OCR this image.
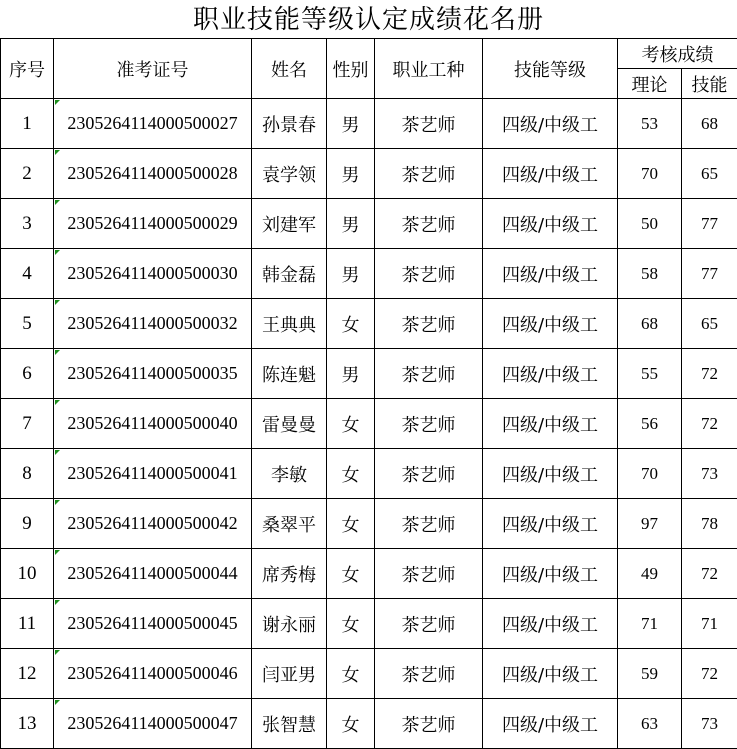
职业技能等级认定成绩花名册
序号	准考证号	姓名	性别	职业工种	技能等级	考核成绩	
						理论	技能
1	2305264114000500027	孙景春	男	茶艺师	四级/中级工	53	68
2	2305264114000500028	袁学领	男	茶艺师	四级/中级工	70	65
3	2305264114000500029	刘建军	男	茶艺师	四级/中级工	50	77
4	2305264114000500030	韩金磊	男	茶艺师	四级/中级工	58	77
5	2305264114000500032	王典典	女	茶艺师	四级/中级工	68	65
6	2305264114000500035	陈连魁	男	茶艺师	四级/中级工	55	72
7	2305264114000500040	雷曼曼	女	茶艺师	四级/中级工	56	72
8	2305264114000500041	李敏	女	茶艺师	四级/中级工	70	73
9	2305264114000500042	桑翠平	女	茶艺师	四级/中级工	97	78
10	2305264114000500044	席秀梅	女	茶艺师	四级/中级工	49	72
11	2305264114000500045	谢永丽	女	茶艺师	四级/中级工	71	71
12	2305264114000500046	闫亚男	女	茶艺师	四级/中级工	59	72
13	2305264114000500047	张智慧	女	茶艺师	四级/中级工	63	73
